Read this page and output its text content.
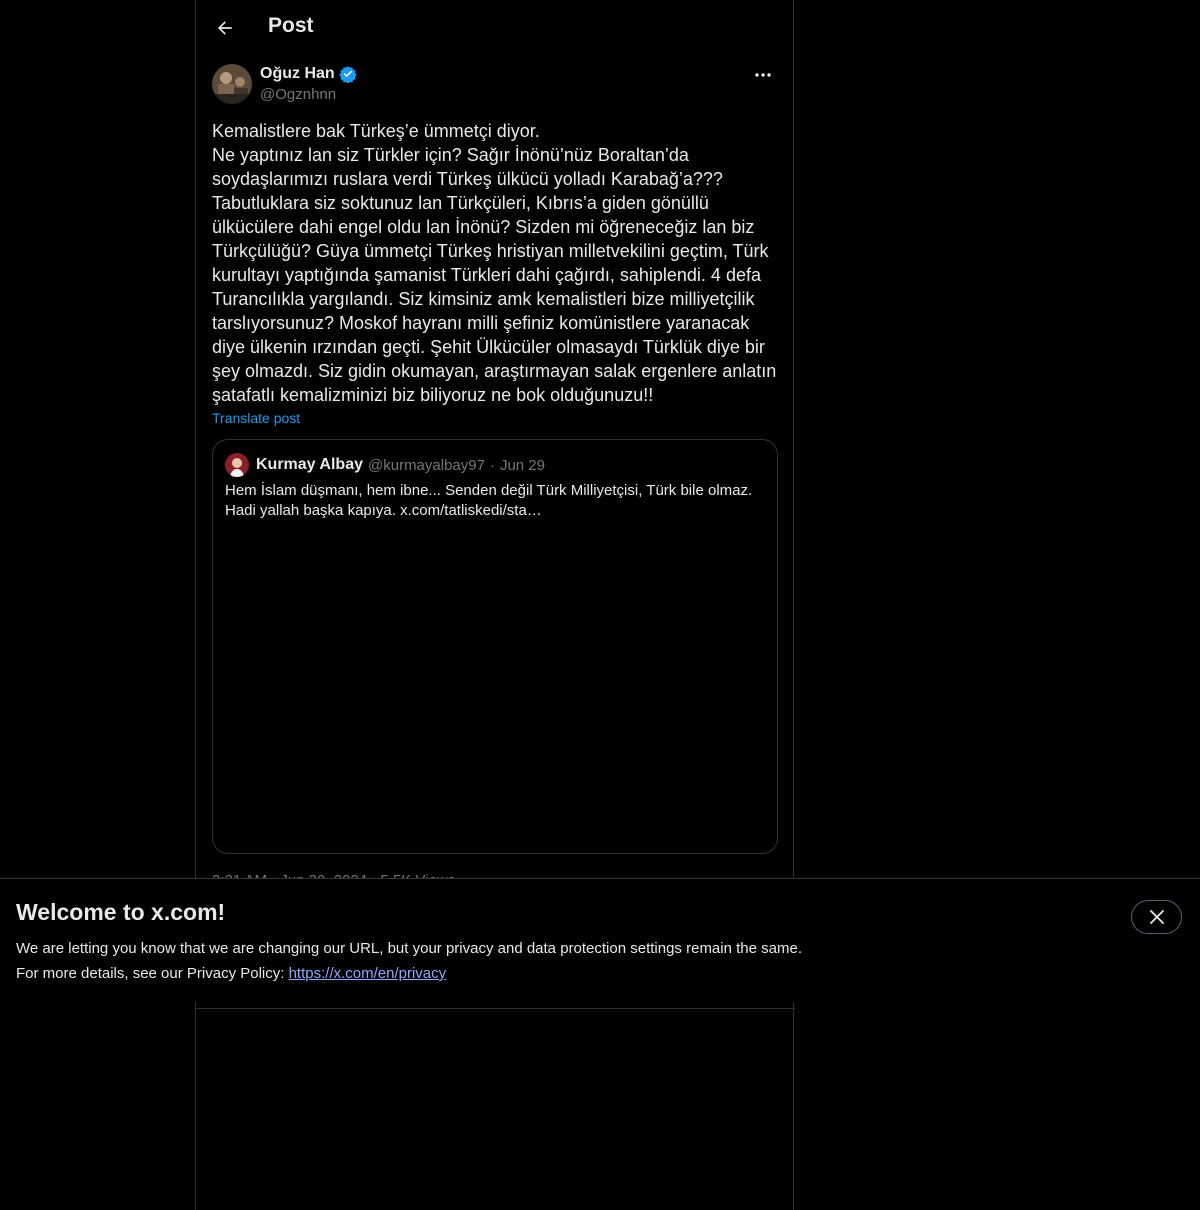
Post
Oğuz Han
@Ogznhnn

Kemalistlere bak Türkeş’e ümmetçi diyor.
Ne yaptınız lan siz Türkler için? Sağır İnönü’nüz Boraltan’da soydaşlarımızı ruslara verdi Türkeş ülkücü yolladı Karabağ’a??? Tabutluklara siz soktunuz lan Türkçüleri, Kıbrıs’a giden gönüllü ülkücülere dahi engel oldu lan İnönü? Sizden mi öğreneceğiz lan biz Türkçülüğü? Güya ümmetçi Türkeş hristiyan milletvekilini geçtim, Türk kurultayı yaptığında şamanist Türkleri dahi çağırdı, sahiplendi. 4 defa Turancılıkla yargılandı. Siz kimsiniz amk kemalistleri bize milliyetçilik tarslıyorsunuz? Moskof hayranı milli şefiniz komünistlere yaranacak diye ülkenin ırzından geçti. Şehit Ülkücüler olmasaydı Türklük diye bir şey olmazdı. Siz gidin okumayan, araştırmayan salak ergenlere anlatın şatafatlı kemalizminizi biz biliyoruz ne bok olduğunuzu!!

Translate post
Kurmay Albay @kurmayalbay97 · Jun 29

Hem İslam düşmanı, hem ibne... Senden değil Türk Milliyetçisi, Türk bile olmaz. Hadi yallah başka kapıya. x.com/tatliskedi/sta…

Welcome to x.com!
We are letting you know that we are changing our URL, but your privacy and data protection settings remain the same.
For more details, see our Privacy Policy: https://x.com/en/privacy
